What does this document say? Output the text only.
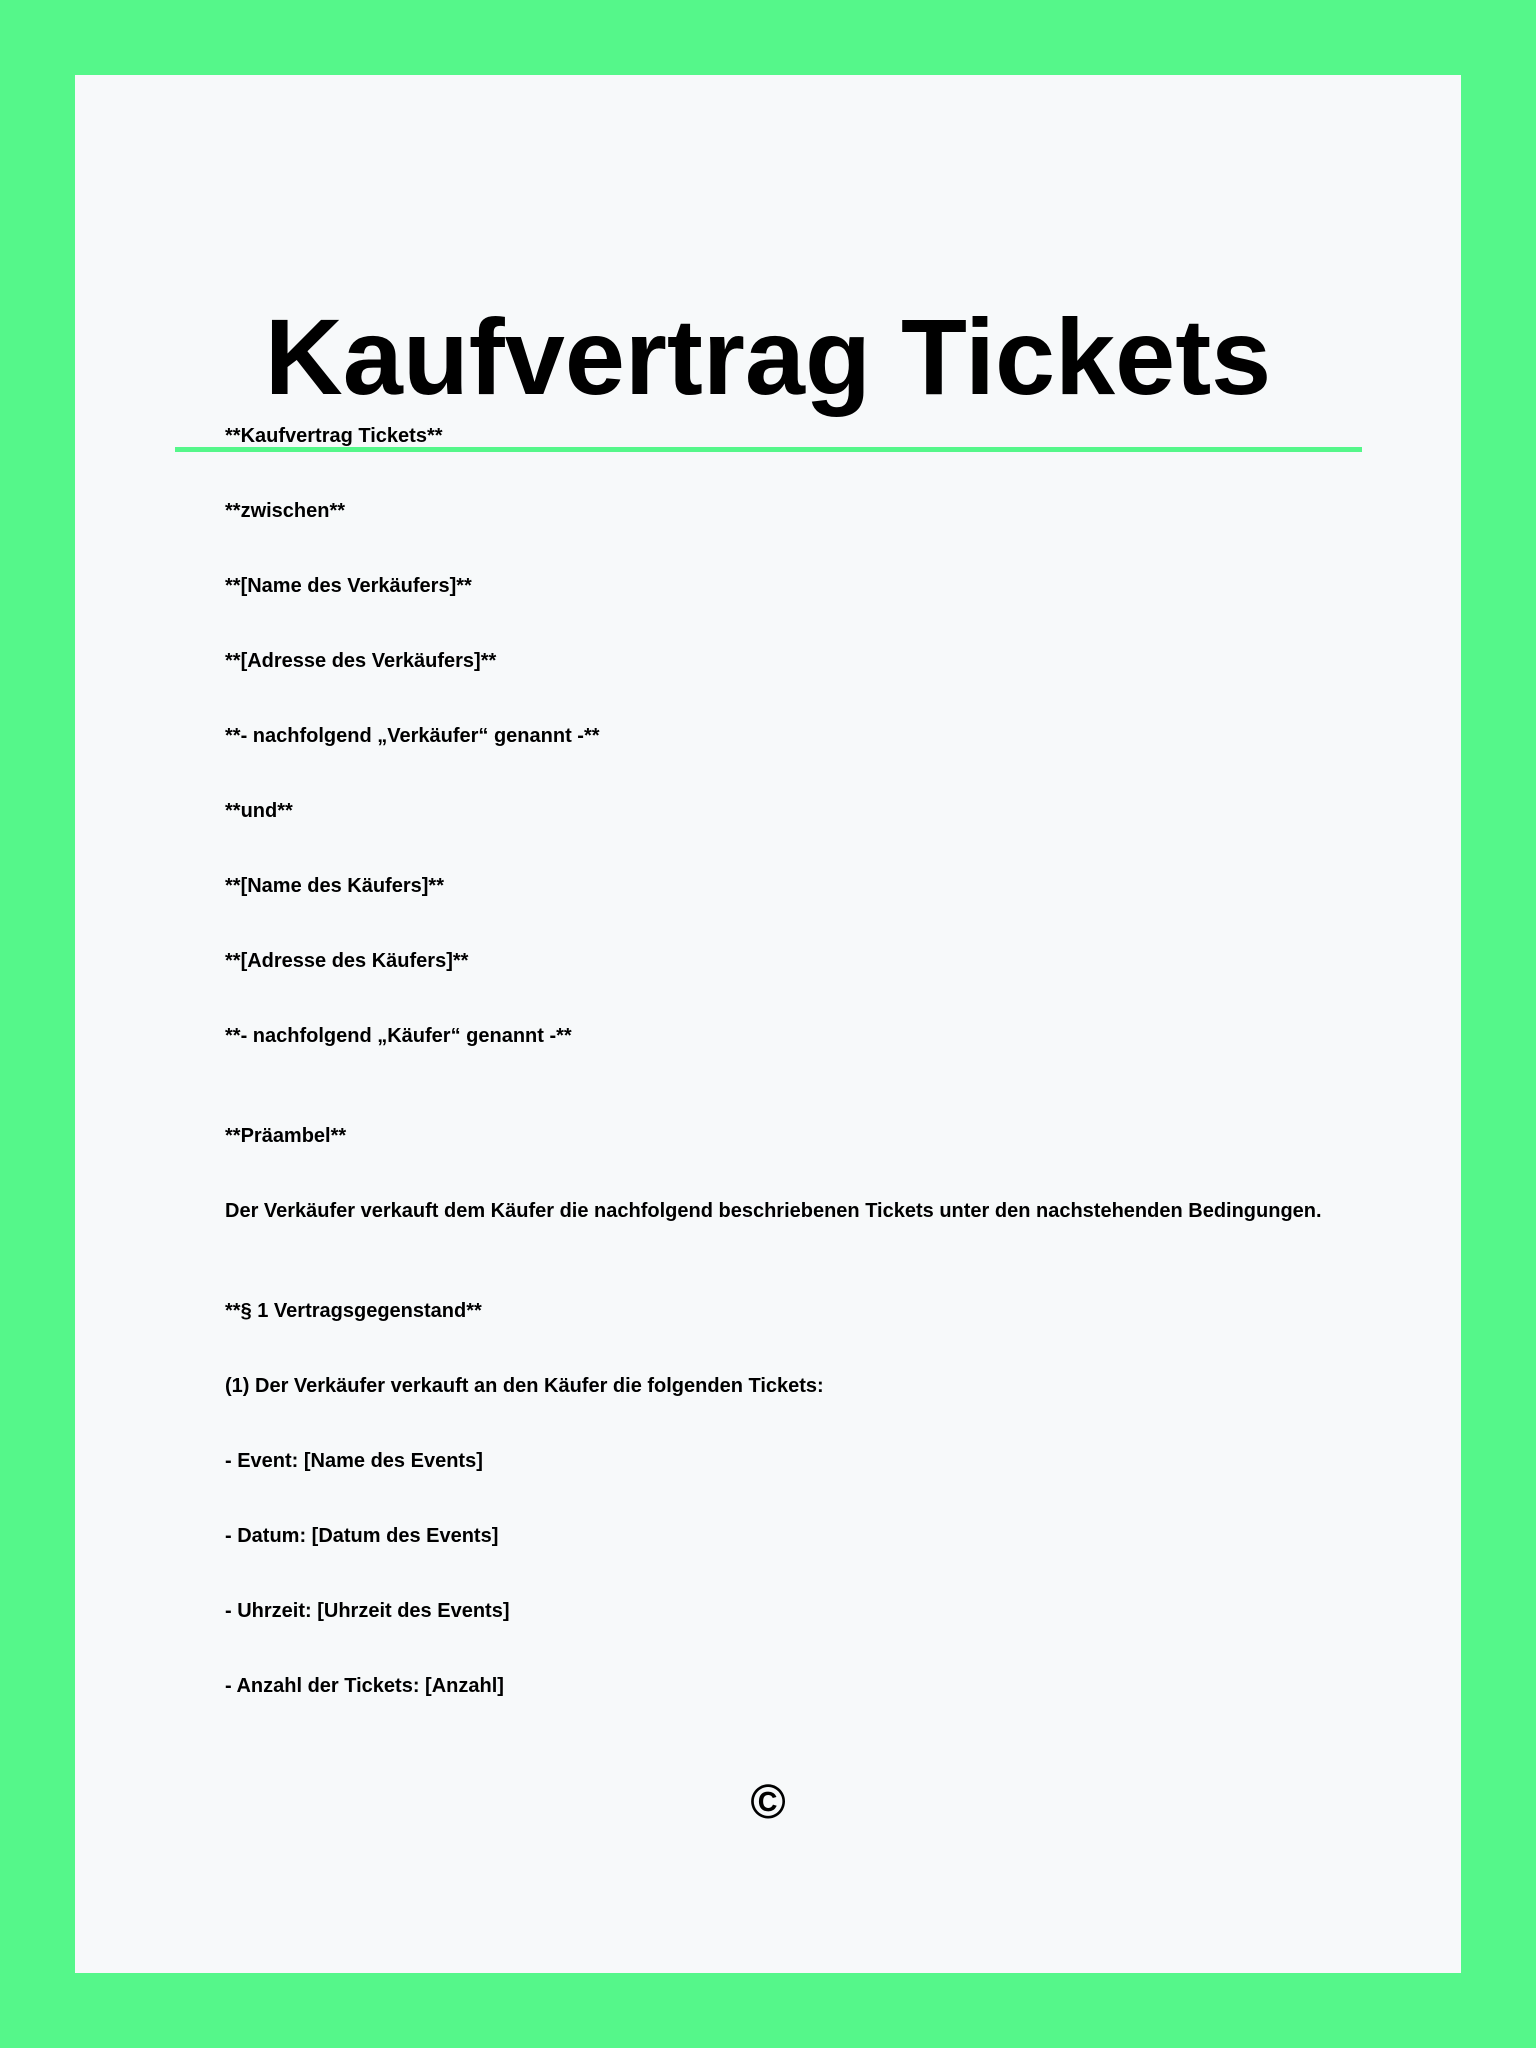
Kaufvertrag Tickets

**Kaufvertrag Tickets**

**zwischen**

**[Name des Verkäufers]**

**[Adresse des Verkäufers]**

**- nachfolgend „Verkäufer“ genannt -**

**und**

**[Name des Käufers]**

**[Adresse des Käufers]**

**- nachfolgend „Käufer“ genannt -**

**Präambel**

Der Verkäufer verkauft dem Käufer die nachfolgend beschriebenen Tickets unter den nachstehenden Bedingungen.

**§ 1 Vertragsgegenstand**

(1) Der Verkäufer verkauft an den Käufer die folgenden Tickets:

- Event: [Name des Events]

- Datum: [Datum des Events]

- Uhrzeit: [Uhrzeit des Events]

- Anzahl der Tickets: [Anzahl]

©
